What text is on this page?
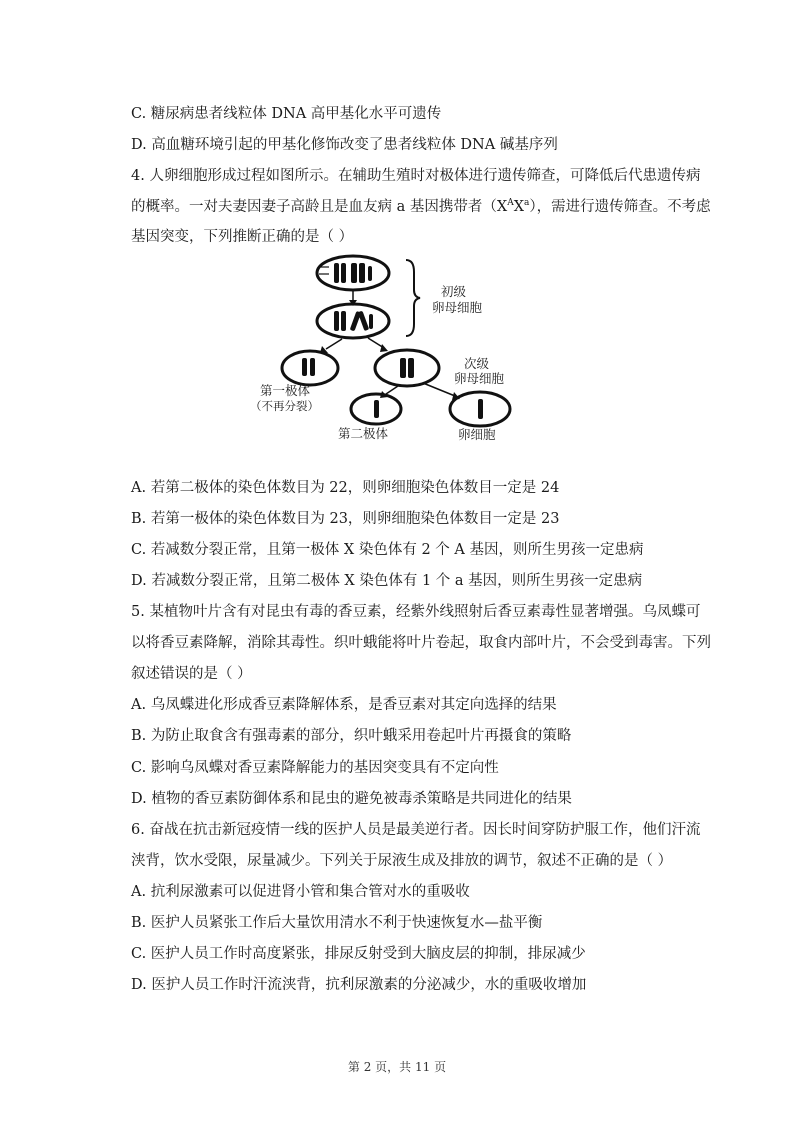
C. 糖尿病患者线粒体 DNA 高甲基化水平可遗传
D. 高血糖环境引起的甲基化修饰改变了患者线粒体 DNA 碱基序列
4. 人卵细胞形成过程如图所示。在辅助生殖时对极体进行遗传筛查，可降低后代患遗传病
的概率。一对夫妻因妻子高龄且是血友病 a 基因携带者$(X^AX^a)$，需进行遗传筛查。不考虑
基因突变，下列推断正确的是（ ）
初级
卵母细胞
次级
卵母细胞
第一极体
（不再分裂）
第二极体	卵细胞
A. 若第二极体的染色体数目为 22，则卵细胞染色体数目一定是 24
B. 若第一极体的染色体数目为 23，则卵细胞染色体数目一定是 23
C. 若减数分裂正常，且第一极体 X 染色体有 2 个 A 基因，则所生男孩一定患病
D. 若减数分裂正常，且第二极体 X 染色体有 1 个 a 基因，则所生男孩一定患病
5. 某植物叶片含有对昆虫有毒的香豆素，经紫外线照射后香豆素毒性显著增强。乌凤蝶可
以将香豆素降解，消除其毒性。织叶蛾能将叶片卷起，取食内部叶片，不会受到毒害。下列
叙述错误的是（ ）
A. 乌凤蝶进化形成香豆素降解体系，是香豆素对其定向选择的结果
B. 为防止取食含有强毒素的部分，织叶蛾采用卷起叶片再摄食的策略
C. 影响乌凤蝶对香豆素降解能力的基因突变具有不定向性
D. 植物的香豆素防御体系和昆虫的避免被毒杀策略是共同进化的结果
6. 奋战在抗击新冠疫情一线的医护人员是最美逆行者。因长时间穿防护服工作，他们汗流
浃背，饮水受限，尿量减少。下列关于尿液生成及排放的调节，叙述不正确的是（ ）
A. 抗利尿激素可以促进肾小管和集合管对水的重吸收
B. 医护人员紧张工作后大量饮用清水不利于快速恢复水—盐平衡
C. 医护人员工作时高度紧张，排尿反射受到大脑皮层的抑制，排尿减少
D. 医护人员工作时汗流浃背，抗利尿激素的分泌减少，水的重吸收增加
第 2 页，共 11 页
